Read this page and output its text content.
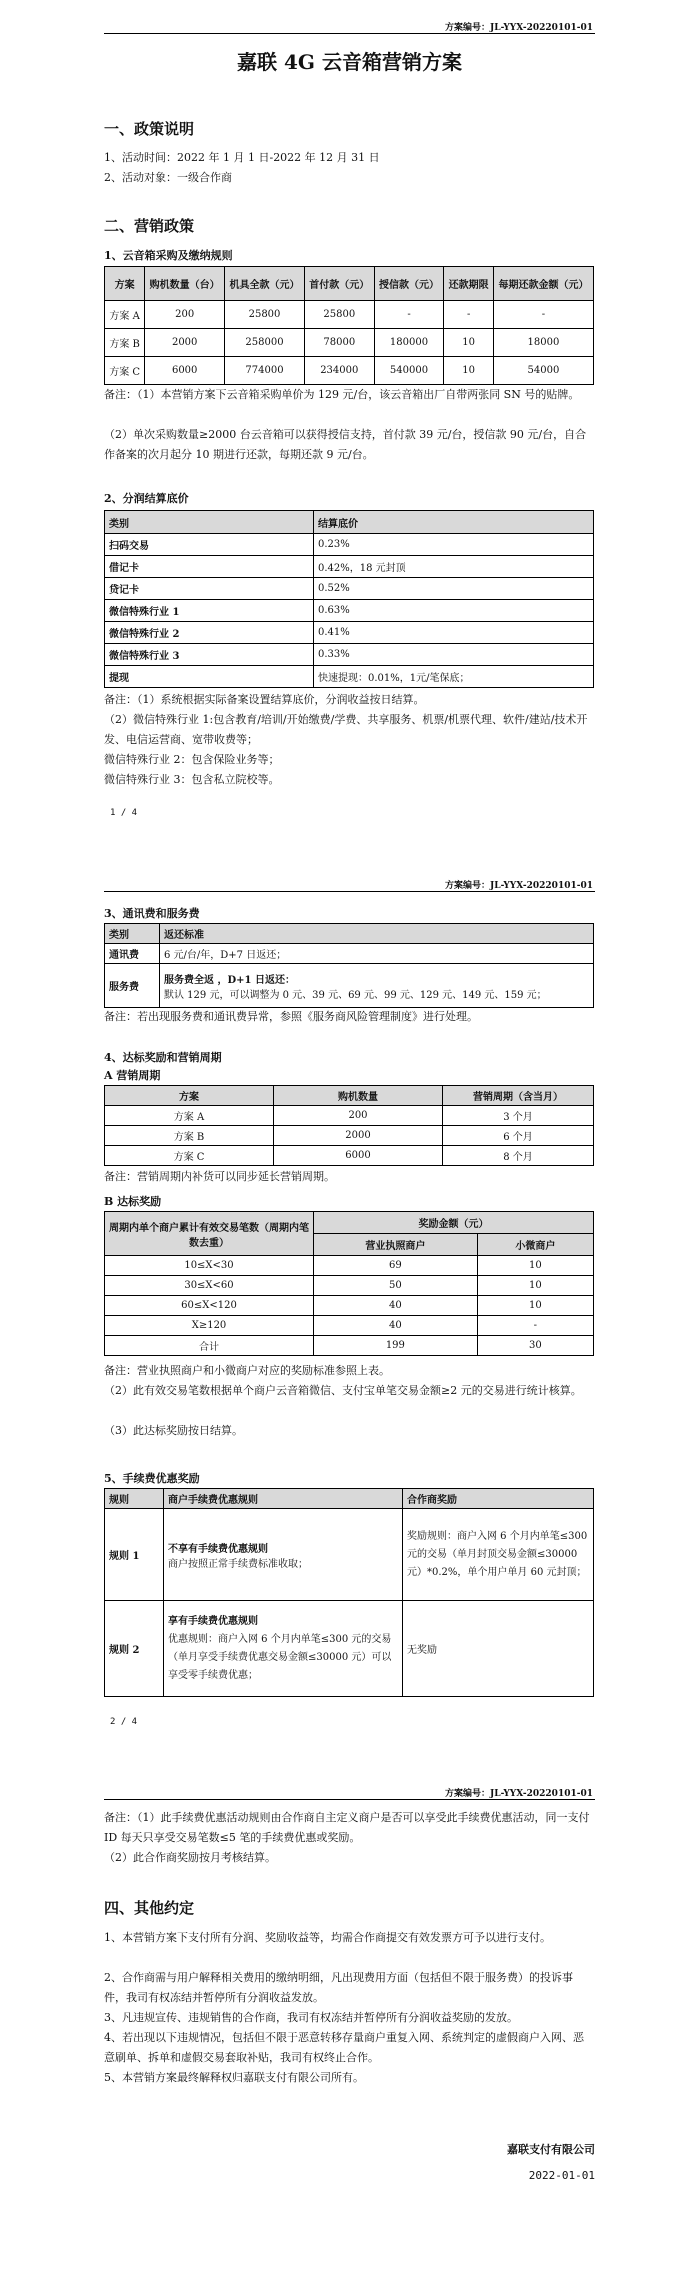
方案编号：JL-YYX-20220101-01
嘉联 4G 云音箱营销方案
一、政策说明
1、活动时间：2022 年 1 月 1 日-2022 年 12 月 31 日
2、活动对象：一级合作商
二、营销政策
1、云音箱采购及缴纳规则
方案	购机数量（台）	机具全款（元）	首付款（元）	授信款（元）	还款期限	每期还款金额（元）
方案 A	200	25800	25800	-	-	-
方案 B	2000	258000	78000	180000	10	18000
方案 C	6000	774000	234000	540000	10	54000
备注：（1）本营销方案下云音箱采购单价为 129 元/台，该云音箱出厂自带两张同 SN 号的贴牌。
（2）单次采购数量≥2000 台云音箱可以获得授信支持，首付款 39 元/台，授信款 90 元/台，自合作备案的次月起分 10 期进行还款，每期还款 9 元/台。
2、分润结算底价
类别	结算底价
扫码交易	0.23%
借记卡	0.42%，18 元封顶
贷记卡	0.52%
微信特殊行业 1	0.63%
微信特殊行业 2	0.41%
微信特殊行业 3	0.33%
提现	快速提现：0.01%，1元/笔保底；
备注：（1）系统根据实际备案设置结算底价，分润收益按日结算。
（2）微信特殊行业 1:包含教育/培训/开始缴费/学费、共享服务、机票/机票代理、软件/建站/技术开发、电信运营商、宽带收费等；
微信特殊行业 2：包含保险业务等；
微信特殊行业 3：包含私立院校等。
1 / 4
方案编号：JL-YYX-20220101-01
3、通讯费和服务费
类别	返还标准
通讯费	6 元/台/年，D+7 日返还；
服务费	服务费全返 ，D+1 日返还：
默认 129 元，可以调整为 0 元、39 元、69 元、99 元、129 元、149 元、159 元；
备注：若出现服务费和通讯费异常，参照《服务商风险管理制度》进行处理。
4、达标奖励和营销周期
A 营销周期
方案	购机数量	营销周期（含当月）
方案 A	200	3 个月
方案 B	2000	6 个月
方案 C	6000	8 个月
备注：营销周期内补货可以同步延长营销周期。
B 达标奖励
周期内单个商户累计有效交易笔数（周期内笔数去重）	奖励金额（元）	
	营业执照商户	小微商户
10≤X<30	69	10
30≤X<60	50	10
60≤X<120	40	10
X≥120	40	-
合计	199	30
备注：营业执照商户和小微商户对应的奖励标准参照上表。
（2）此有效交易笔数根据单个商户云音箱微信、支付宝单笔交易金额≥2 元的交易进行统计核算。
（3）此达标奖励按日结算。
5、手续费优惠奖励
规则	商户手续费优惠规则	合作商奖励
规则 1	不享有手续费优惠规则
商户按照正常手续费标准收取；	奖励规则：商户入网 6 个月内单笔≤300 元的交易（单月封顶交易金额≤30000 元）*0.2%，单个用户单月 60 元封顶；
规则 2	享有手续费优惠规则
优惠规则：商户入网 6 个月内单笔≤300 元的交易（单月享受手续费优惠交易金额≤30000 元）可以享受零手续费优惠；	无奖励
2 / 4
方案编号：JL-YYX-20220101-01
备注：（1）此手续费优惠活动规则由合作商自主定义商户是否可以享受此手续费优惠活动，同一支付 ID 每天只享受交易笔数≤5 笔的手续费优惠或奖励。
（2）此合作商奖励按月考核结算。
四、其他约定
1、本营销方案下支付所有分润、奖励收益等，均需合作商提交有效发票方可予以进行支付。
2、合作商需与用户解释相关费用的缴纳明细，凡出现费用方面（包括但不限于服务费）的投诉事件，我司有权冻结并暂停所有分润收益发放。
3、凡违规宣传、违规销售的合作商，我司有权冻结并暂停所有分润收益奖励的发放。
4、若出现以下违规情况，包括但不限于恶意转移存量商户重复入网、系统判定的虚假商户入网、恶意刷单、拆单和虚假交易套取补贴，我司有权终止合作。
5、本营销方案最终解释权归嘉联支付有限公司所有。
嘉联支付有限公司
2022-01-01
